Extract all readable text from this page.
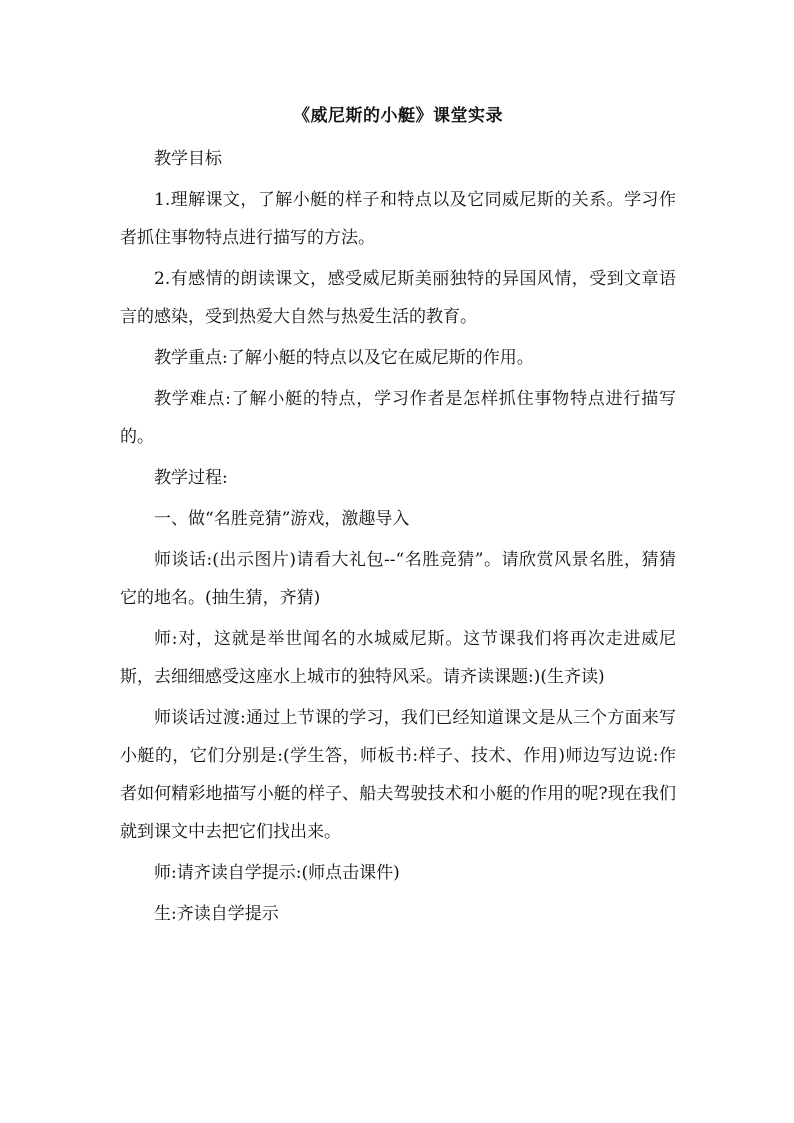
《威尼斯的小艇》课堂实录

教学目标

1.理解课文，了解小艇的样子和特点以及它同威尼斯的关系。学习作者抓住事物特点进行描写的方法。

2.有感情的朗读课文，感受威尼斯美丽独特的异国风情，受到文章语言的感染，受到热爱大自然与热爱生活的教育。

教学重点:了解小艇的特点以及它在威尼斯的作用。

教学难点:了解小艇的特点，学习作者是怎样抓住事物特点进行描写的。

教学过程:

一、做“名胜竞猜”游戏，激趣导入

师谈话:(出示图片)请看大礼包--“名胜竞猜”。请欣赏风景名胜，猜猜它的地名。(抽生猜，齐猜)

师:对，这就是举世闻名的水城威尼斯。这节课我们将再次走进威尼斯，去细细感受这座水上城市的独特风采。请齐读课题:)(生齐读)

师谈话过渡:通过上节课的学习，我们已经知道课文是从三个方面来写小艇的，它们分别是:(学生答，师板书:样子、技术、作用)师边写边说:作者如何精彩地描写小艇的样子、船夫驾驶技术和小艇的作用的呢?现在我们就到课文中去把它们找出来。

师:请齐读自学提示:(师点击课件)

生:齐读自学提示
